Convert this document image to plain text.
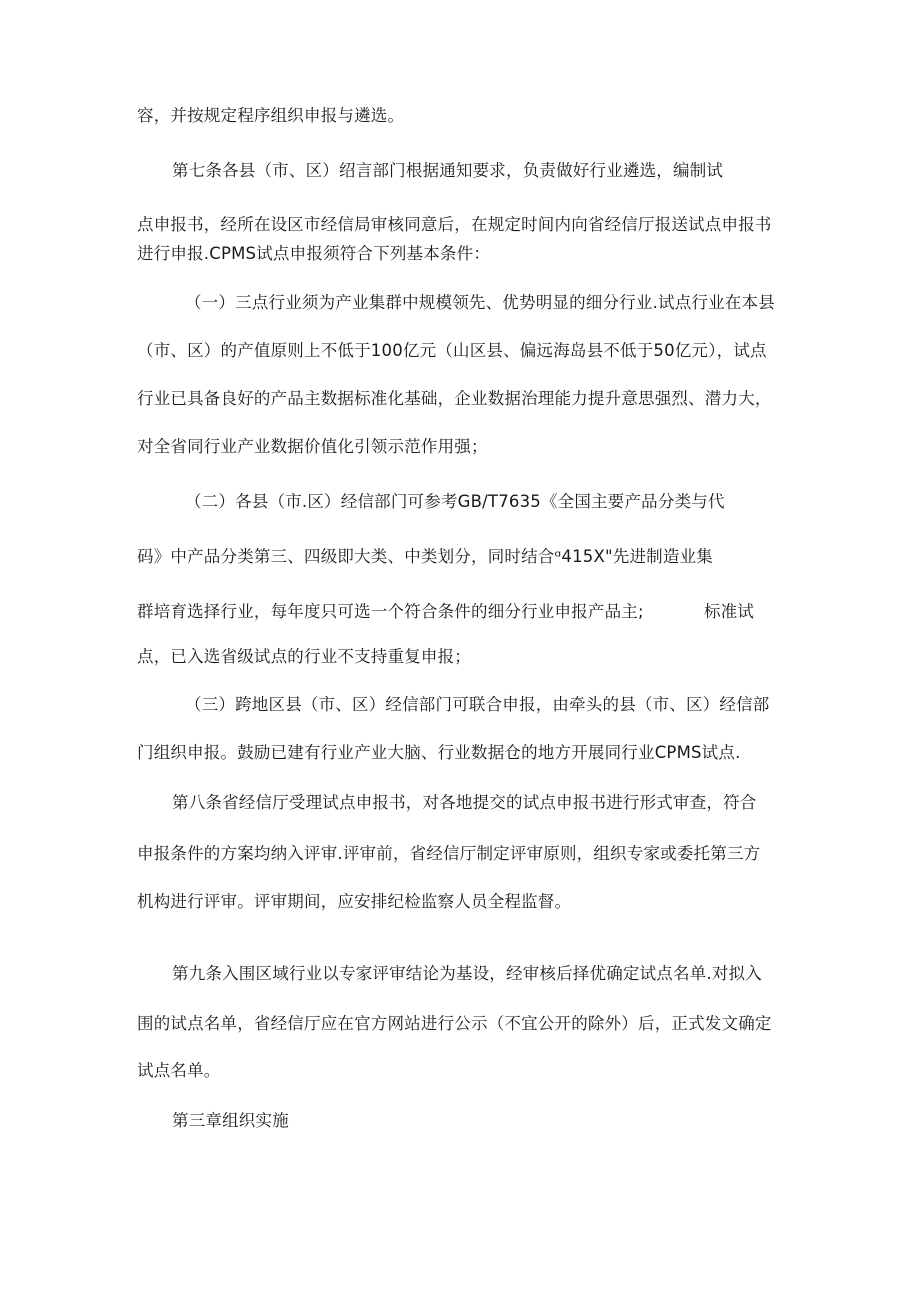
容，并按规定程序组织申报与遴选。
第七条各县（市、区）绍言部门根据通知要求，负责做好行业遴选，编制试
点申报书，经所在设区市经信局审核同意后，在规定时间内向省经信厅报送试点申报书
进行申报.CPMS试点申报须符合下列基本条件：
（一）三点行业须为产业集群中规模领先、优势明显的细分行业.试点行业在本县
（市、区）的产值原则上不低于100亿元（山区县、偏远海岛县不低于50亿元），试点
行业已具备良好的产品主数据标准化基础，企业数据治理能力提升意思强烈、潜力大，
对全省同行业产业数据价值化引领示范作用强；
（二）各县（市.区）经信部门可参考GB/T7635《全国主要产品分类与代
码》中产品分类第三、四级即大类、中类划分，同时结合ᵅ415X"先进制造业集
群培育选择行业，每年度只可选一个符合条件的细分行业申报产品主;	标准试
点，已入选省级试点的行业不支持重复申报；
（三）跨地区县（市、区）经信部门可联合申报，由牵头的县（市、区）经信部
门组织申报。鼓励已建有行业产业大脑、行业数据仓的地方开展同行业CPMS试点.
第八条省经信厅受理试点申报书，对各地提交的试点申报书进行形式审查，符合
申报条件的方案均纳入评审.评审前，省经信厅制定评审原则，组织专家或委托第三方
机构进行评审。评审期间，应安排纪检监察人员全程监督。
第九条入围区域行业以专家评审结论为基设，经审核后择优确定试点名单.对拟入
围的试点名单，省经信厅应在官方网站进行公示（不宜公开的除外）后，正式发文确定
试点名单。
第三章组织实施
